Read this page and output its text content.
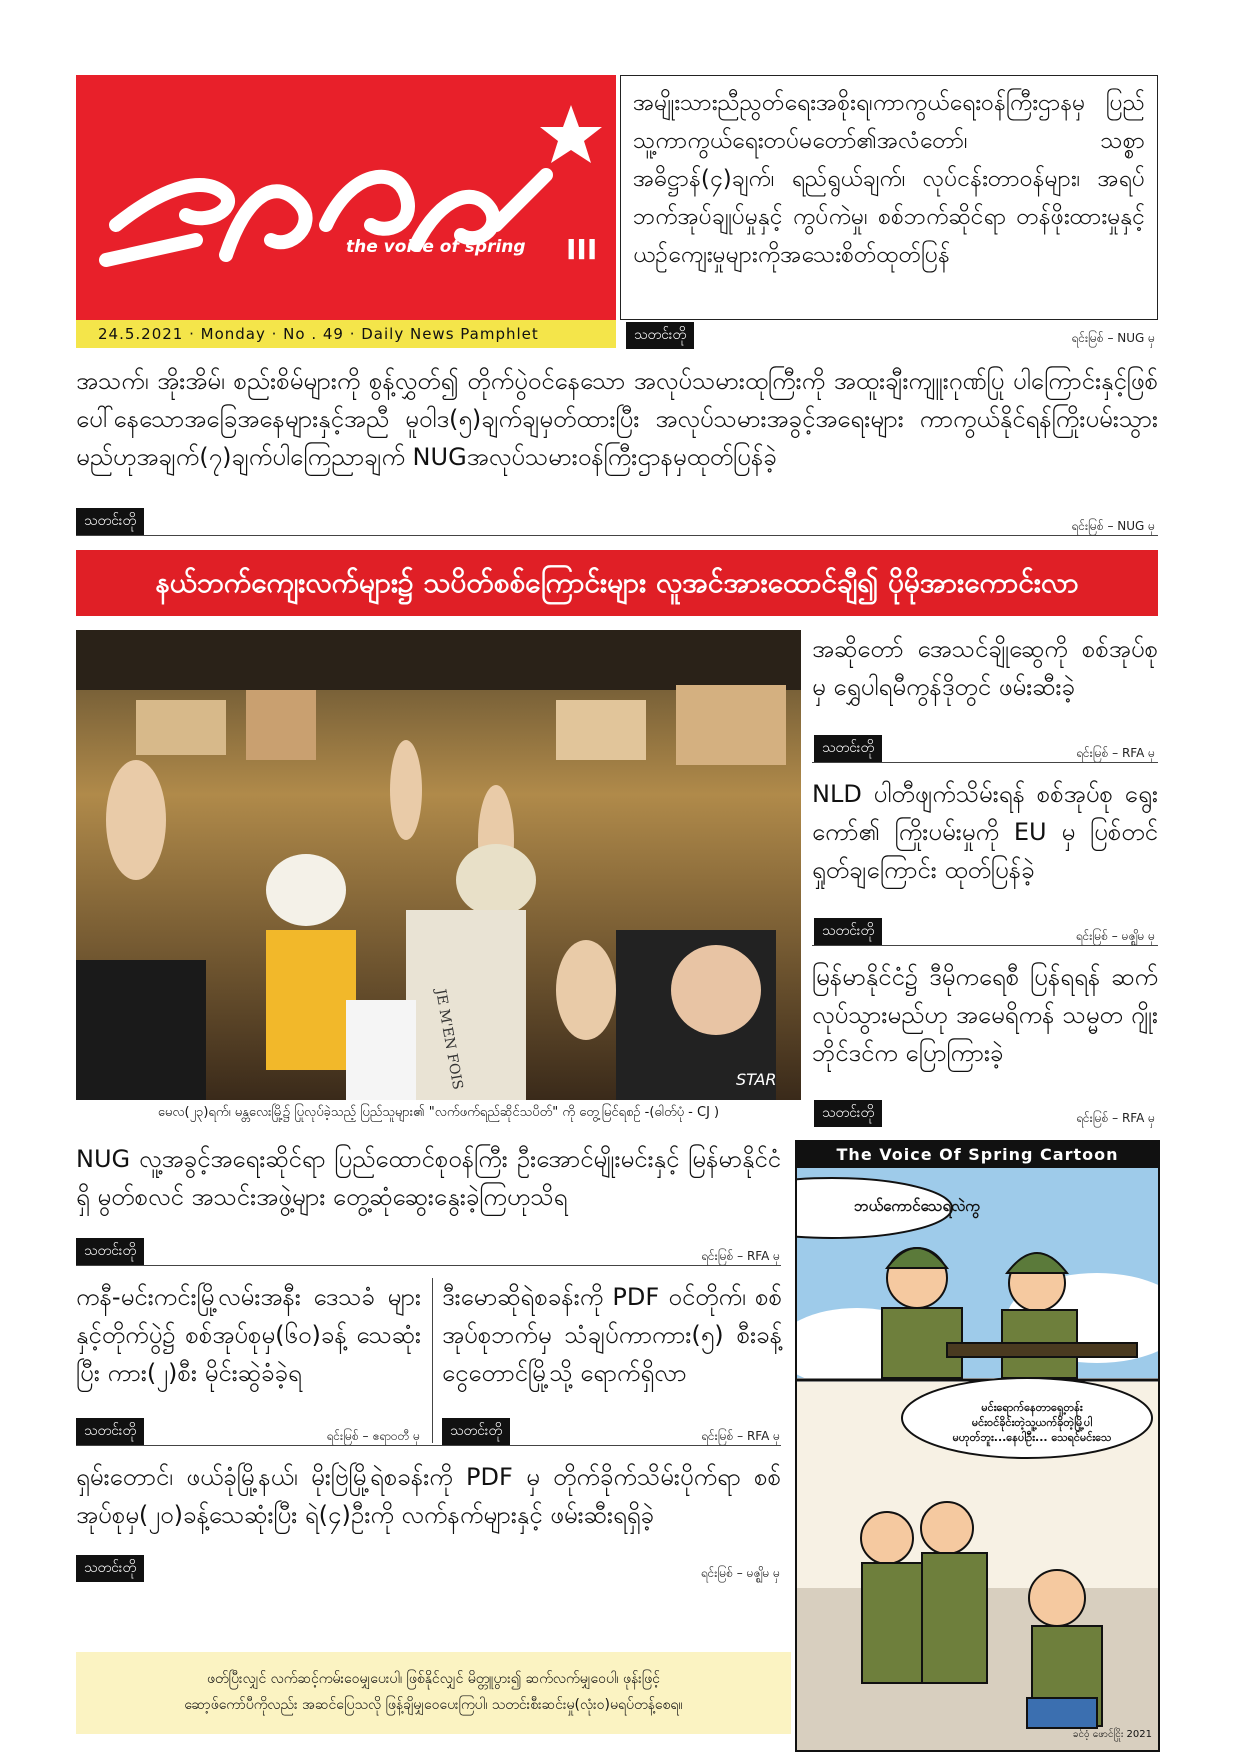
the voice of spring III
24.5.2021 · Monday · No . 49 · Daily News Pamphlet
အမျိုးသားညီညွတ်ရေးအစိုးရ၊ကာကွယ်ရေးဝန်ကြီးဌာနမှ ပြည်သူ့ကာကွယ်ရေးတပ်မတော်၏အလံတော်၊ သစ္စာ အဓိဋ္ဌာန်(၄)ချက်၊ ရည်ရွယ်ချက်၊ လုပ်ငန်းတာဝန်များ၊ အရပ်ဘက်အုပ်ချုပ်မှုနှင့် ကွပ်ကဲမှု၊ စစ်ဘက်ဆိုင်ရာ တန်ဖိုးထားမှုနှင့်ယဉ်ကျေးမှုများကိုအသေးစိတ်ထုတ်ပြန်
သတင်းတို	ရင်းမြစ် – NUG မှ
အသက်၊ အိုးအိမ်၊ စည်းစိမ်များကို စွန့်လွှတ်၍ တိုက်ပွဲဝင်နေသော အလုပ်သမားထုကြီးကို အထူးချီးကျူးဂုဏ်ပြု ပါကြောင်းနှင့်ဖြစ်ပေါ်နေသောအခြေအနေများနှင့်အညီ မူဝါဒ(၅)ချက်ချမှတ်ထားပြီး အလုပ်သမားအခွင့်အရေးများ ကာကွယ်နိုင်ရန်ကြိုးပမ်းသွားမည်ဟုအချက်(၇)ချက်ပါကြေညာချက် NUGအလုပ်သမားဝန်ကြီးဌာနမှထုတ်ပြန်ခဲ့
သတင်းတို	ရင်းမြစ် – NUG မှ
နယ်ဘက်ကျေးလက်များ၌ သပိတ်စစ်ကြောင်းများ လူအင်အားထောင်ချီ၍ ပိုမိုအားကောင်းလာ
JE M'EN FOIS	STAR
မေလ(၂၃)ရက်၊ မန္တလေးမြို့၌ ပြုလုပ်ခဲ့သည့် ပြည်သူများ၏ "လက်ဖက်ရည်ဆိုင်သပိတ်" ကို တွေ့မြင်ရစဉ် -(ဓါတ်ပုံ - CJ )
အဆိုတော် အေသင်ချိုဆွေကို စစ်အုပ်စုမှ ရွှေပါရမီကွန်ဒိုတွင် ဖမ်းဆီးခဲ့
သတင်းတို	ရင်းမြစ် – RFA မှ
NLD ပါတီဖျက်သိမ်းရန် စစ်အုပ်စု ရွေးကော်၏ ကြိုးပမ်းမှုကို EU မှ ပြစ်တင်ရှုတ်ချကြောင်း ထုတ်ပြန်ခဲ့
သတင်းတို	ရင်းမြစ် – မဇ္ဈိမ မှ
မြန်မာနိုင်ငံ၌ ဒီမိုကရေစီ ပြန်ရရန် ဆက်လုပ်သွားမည်ဟု အမေရိကန် သမ္မတ ဂျိုးဘိုင်ဒင်က ပြောကြားခဲ့
သတင်းတို	ရင်းမြစ် – RFA မှ
NUG လူ့အခွင့်အရေးဆိုင်ရာ ပြည်ထောင်စုဝန်ကြီး ဦးအောင်မျိုးမင်းနှင့် မြန်မာနိုင်ငံရှိ မွတ်စလင် အသင်းအဖွဲ့များ တွေ့ဆုံဆွေးနွေးခဲ့ကြဟုသိရ
သတင်းတို	ရင်းမြစ် – RFA မှ
ကနီ-မင်းကင်းမြို့လမ်းအနီး ဒေသခံ များနှင့်တိုက်ပွဲ၌ စစ်အုပ်စုမှ(၆၀)ခန့် သေဆုံးပြီး ကား(၂)စီး မိုင်းဆွဲခံခဲ့ရ
သတင်းတို	ရင်းမြစ် – ဧရာဝတီ မှ
ဒီးမောဆိုရဲစခန်းကို PDF ဝင်တိုက်၊ စစ်အုပ်စုဘက်မှ သံချပ်ကာကား(၅) စီးခန့် ငွေတောင်မြို့သို့ ရောက်ရှိလာ
သတင်းတို	ရင်းမြစ် – RFA မှ
ရှမ်းတောင်၊ ဖယ်ခုံမြို့နယ်၊ မိုးဗြဲမြို့ရဲစခန်းကို PDF မှ တိုက်ခိုက်သိမ်းပိုက်ရာ စစ်အုပ်စုမှ(၂၀)ခန့်သေဆုံးပြီး ရဲ(၄)ဦးကို လက်နက်များနှင့် ဖမ်းဆီးရရှိခဲ့
သတင်းတို	ရင်းမြစ် – မဇ္ဈိမ မှ
ဖတ်ပြီးလျှင် လက်ဆင့်ကမ်းဝေမျှပေးပါ၊ ဖြစ်နိုင်လျှင် မိတ္တူပွား၍ ဆက်လက်မျှဝေပါ၊ ဖုန်းဖြင့်
ဆော့ဖ်ကော်ပီကိုလည်း အဆင်ပြေသလို ဖြန့်ချိမျှဝေပေးကြပါ၊ သတင်းစီးဆင်းမှု(လုံး၀)မရပ်တန့်စေရ။
The Voice Of Spring Cartoon
ဘယ်ကောင်သေရဲလဲကွ
မင်းရောက်နေတာရှေ့တန်း
မင်းဝင်ခိုင်းတဲ့သူ့ယက်ခိုတဲ့မြို့ပါ
မဟုတ်ဘူး...နေပါဦး... သေရင်မင်းသေ
ခင်ဝံ့ ဖောင်ငြိုး 2021
